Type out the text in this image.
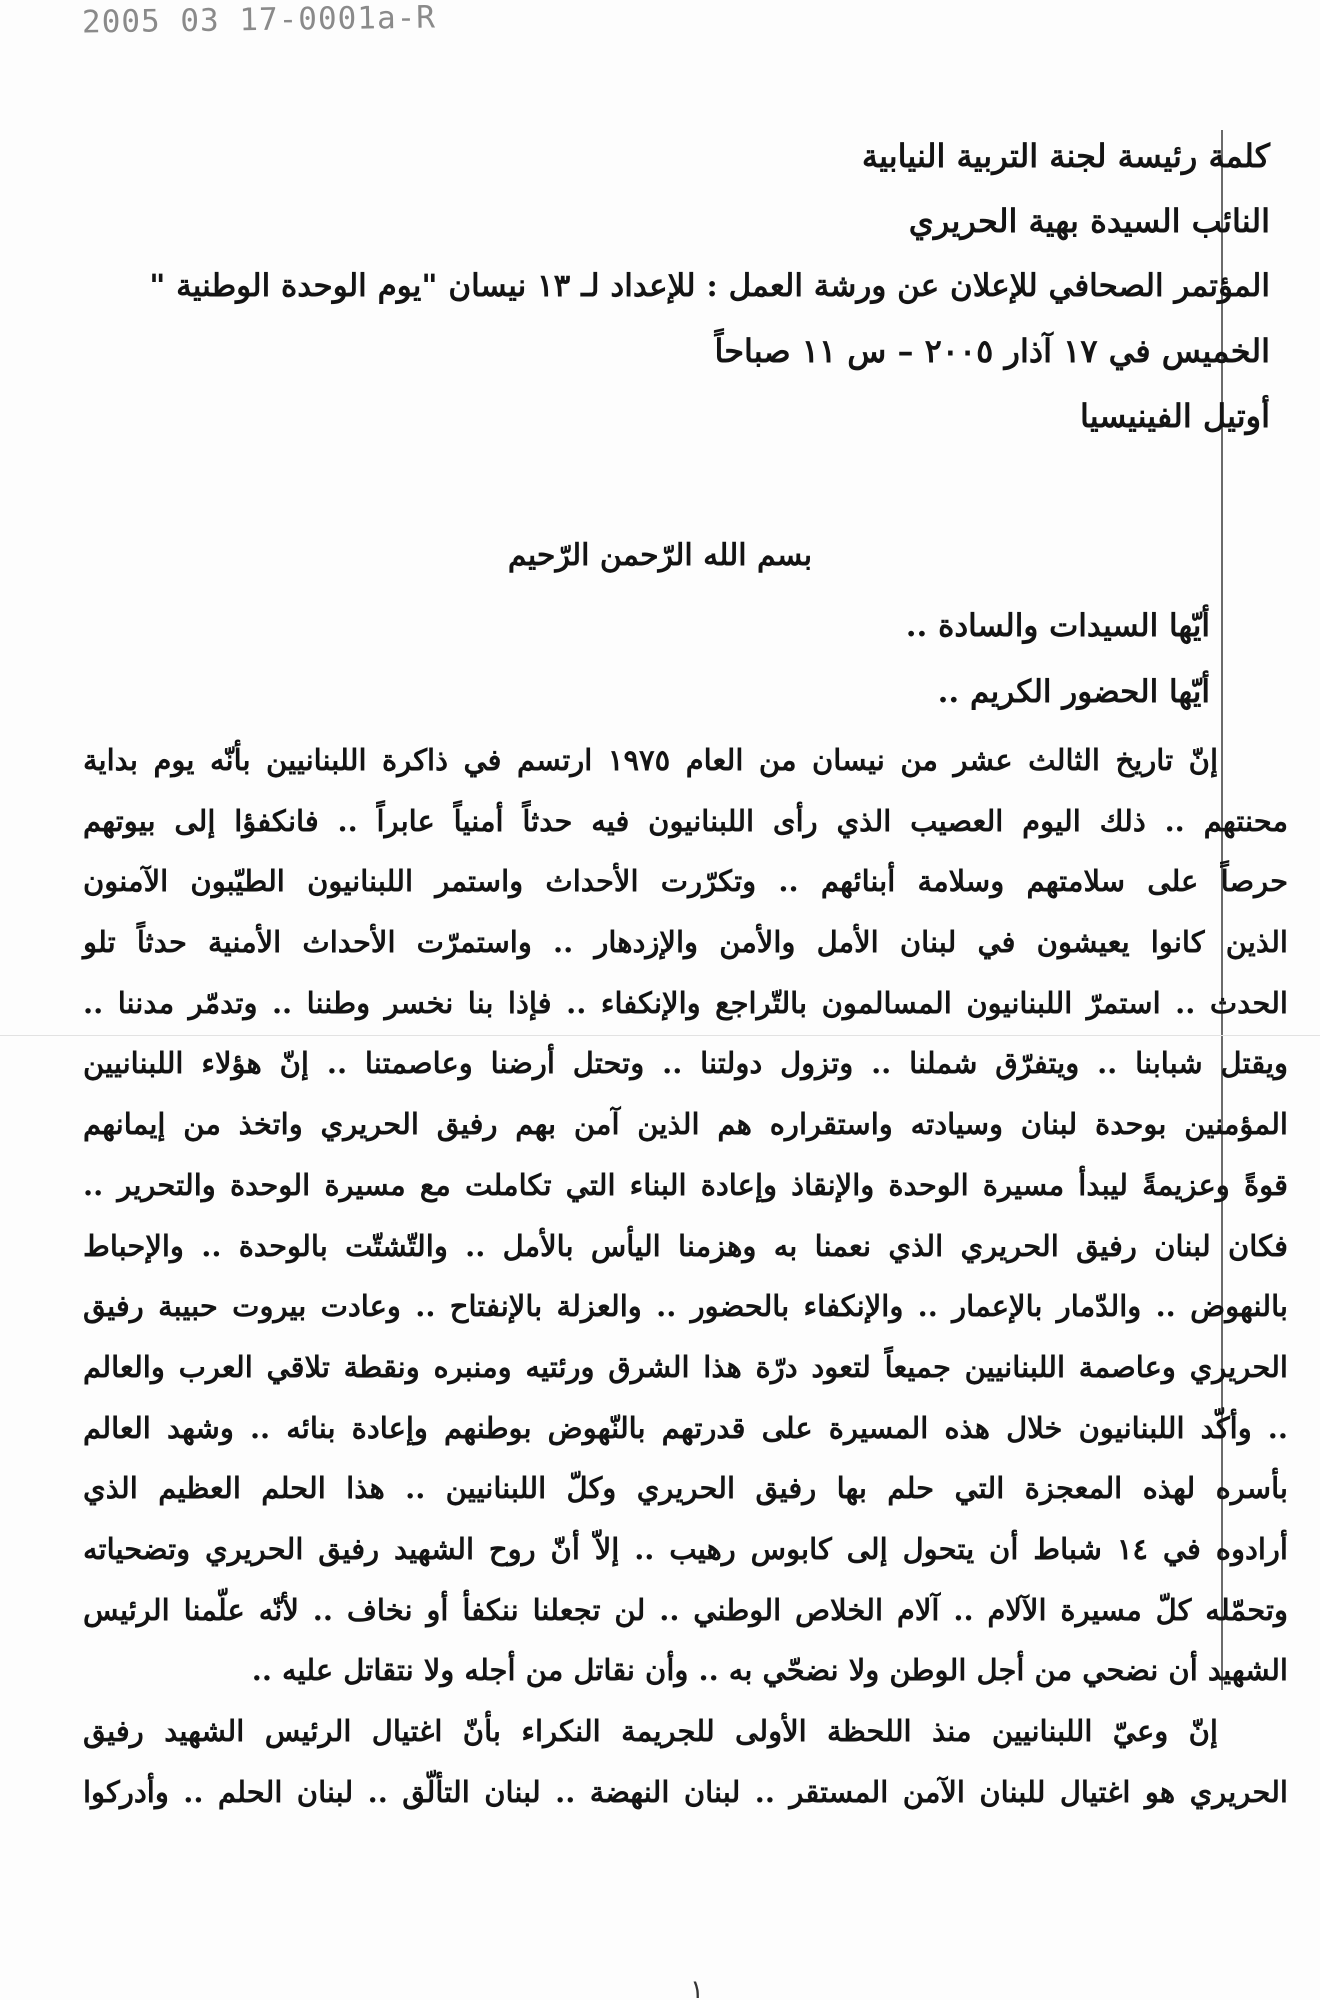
2005 03 17-0001a-R
كلمة رئيسة لجنة التربية النيابية
النائب السيدة بهية الحريري
المؤتمر الصحافي للإعلان عن ورشة العمل : للإعداد لـ ١٣ نيسان "يوم الوحدة الوطنية "
الخميس في ١٧ آذار ٢٠٠٥ – س ١١ صباحاً
أوتيل الفينيسيا
بسم الله الرّحمن الرّحيم
أيّها السيدات والسادة ..
أيّها الحضور الكريم ..
إنّ تاريخ الثالث عشر من نيسان من العام ١٩٧٥ ارتسم في ذاكرة اللبنانيين بأنّه يوم بداية
محنتهم .. ذلك اليوم العصيب الذي رأى اللبنانيون فيه حدثاً أمنياً عابراً .. فانكفؤا إلى بيوتهم
حرصاً على سلامتهم وسلامة أبنائهم .. وتكرّرت الأحداث واستمر اللبنانيون الطيّبون الآمنون
الذين كانوا يعيشون في لبنان الأمل والأمن والإزدهار .. واستمرّت الأحداث الأمنية حدثاً تلو
الحدث .. استمرّ اللبنانيون المسالمون بالتّراجع والإنكفاء .. فإذا بنا نخسر وطننا .. وتدمّر مدننا ..
ويقتل شبابنا .. ويتفرّق شملنا .. وتزول دولتنا .. وتحتل أرضنا وعاصمتنا .. إنّ هؤلاء اللبنانيين
المؤمنين بوحدة لبنان وسيادته واستقراره هم الذين آمن بهم رفيق الحريري واتخذ من إيمانهم
قوةً وعزيمةً ليبدأ مسيرة الوحدة والإنقاذ وإعادة البناء التي تكاملت مع مسيرة الوحدة والتحرير ..
فكان لبنان رفيق الحريري الذي نعمنا به وهزمنا اليأس بالأمل .. والتّشتّت بالوحدة .. والإحباط
بالنهوض .. والدّمار بالإعمار .. والإنكفاء بالحضور .. والعزلة بالإنفتاح .. وعادت بيروت حبيبة رفيق
الحريري وعاصمة اللبنانيين جميعاً لتعود درّة هذا الشرق ورئتيه ومنبره ونقطة تلاقي العرب والعالم
.. وأكّد اللبنانيون خلال هذه المسيرة على قدرتهم بالنّهوض بوطنهم وإعادة بنائه .. وشهد العالم
بأسره لهذه المعجزة التي حلم بها رفيق الحريري وكلّ اللبنانيين .. هذا الحلم العظيم الذي
أرادوه في ١٤ شباط أن يتحول إلى كابوس رهيب .. إلاّ أنّ روح الشهيد رفيق الحريري وتضحياته
وتحمّله كلّ مسيرة الآلام .. آلام الخلاص الوطني .. لن تجعلنا ننكفأ أو نخاف .. لأنّه علّمنا الرئيس
الشهيد أن نضحي من أجل الوطن ولا نضحّي به .. وأن نقاتل من أجله ولا نتقاتل عليه ..
إنّ وعيّ اللبنانيين منذ اللحظة الأولى للجريمة النكراء بأنّ اغتيال الرئيس الشهيد رفيق
الحريري هو اغتيال للبنان الآمن المستقر .. لبنان النهضة .. لبنان التألّق .. لبنان الحلم .. وأدركوا
١
